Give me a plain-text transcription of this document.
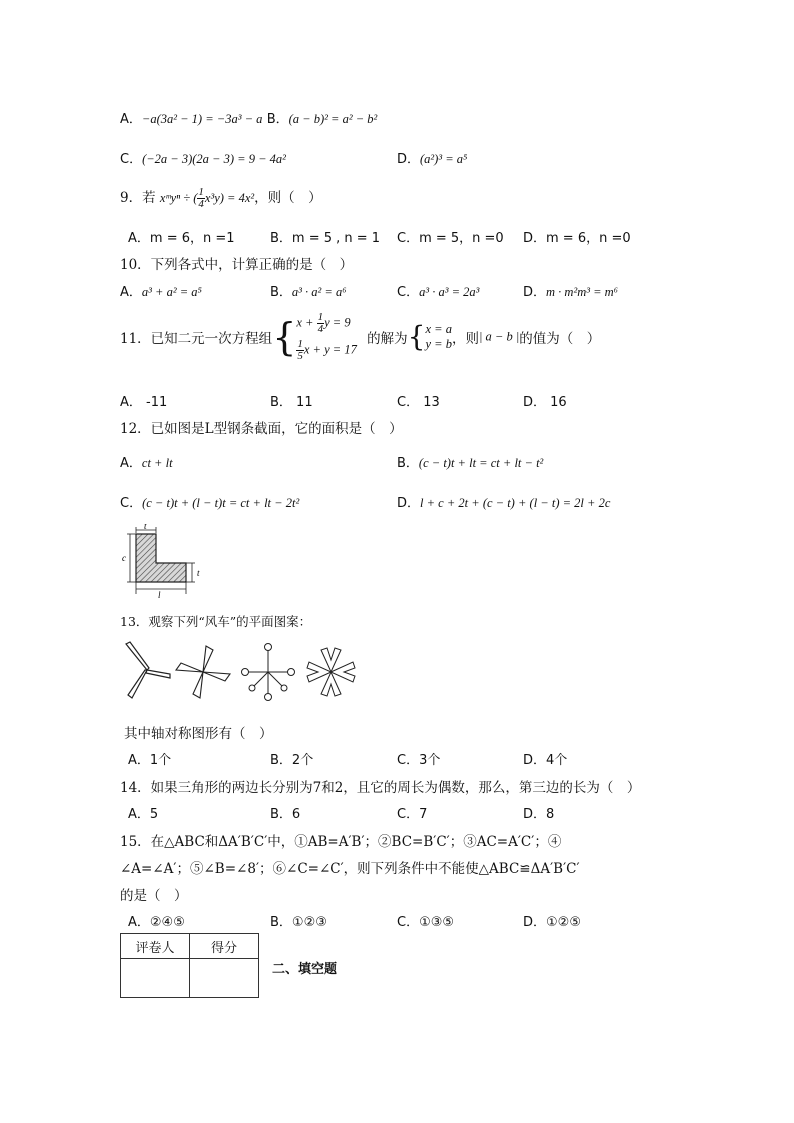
A．−a(3a² − 1) = −3a³ − a B．(a − b)² = a² − b²
C．(−2a − 3)(2a − 3) = 9 − 4a²	D．(a²)³ = a⁵
9．若 xᵐyⁿ ÷ ( $\frac{1}{4} x^3y) = 4x^2$，则（　）
A．m = 6，n =1	B．m = 5 , n = 1 C．m = 5，n =0 D．m = 6，n =0
10．下列各式中，计算正确的是（　）
A．a³ + a² = a⁵	B．a³ · a² = a⁶	C．a³ · a³ = 2a³	D．m · m²m³ = m⁶
11．已知二元一次方程组{ $x + \frac{1}{4}$ y = 9
$\frac{1}{5}$ x + y = 17
的解为{ x = a
y = b ，则| a − b |的值为（　）
A． -11	B． 11	C． 13	D． 16
12．已如图是L型钢条截面，它的面积是（　）
A．ct + lt	B．(c − t)t + lt = ct + lt − t²
C．(c − t)t + (l − t)t = ct + lt − 2t²	D．l + c + 2t + (c − t) + (l − t) = 2l + 2c
t
c
t
l
13．观察下列“风车”的平面图案：
其中轴对称图形有（　）
A．1个	B．2个	C．3个	D．4个
14．如果三角形的两边长分别为7和2，且它的周长为偶数，那么，第三边的长为（　）
A．5	B．6	C．7	D．8
15．在△ABC和ΔA′B′C′中，①AB=A′B′；②BC=B′C′；③AC=A′C′；④
∠A=∠A′；⑤∠B=∠8′；⑥∠C=∠C′，则下列条件中不能使△ABC≌ΔA′B′C′
的是（　）
A．②④⑤	B．①②③	C．①③⑤	D．①②⑤
评卷人	得分

二、填空题
